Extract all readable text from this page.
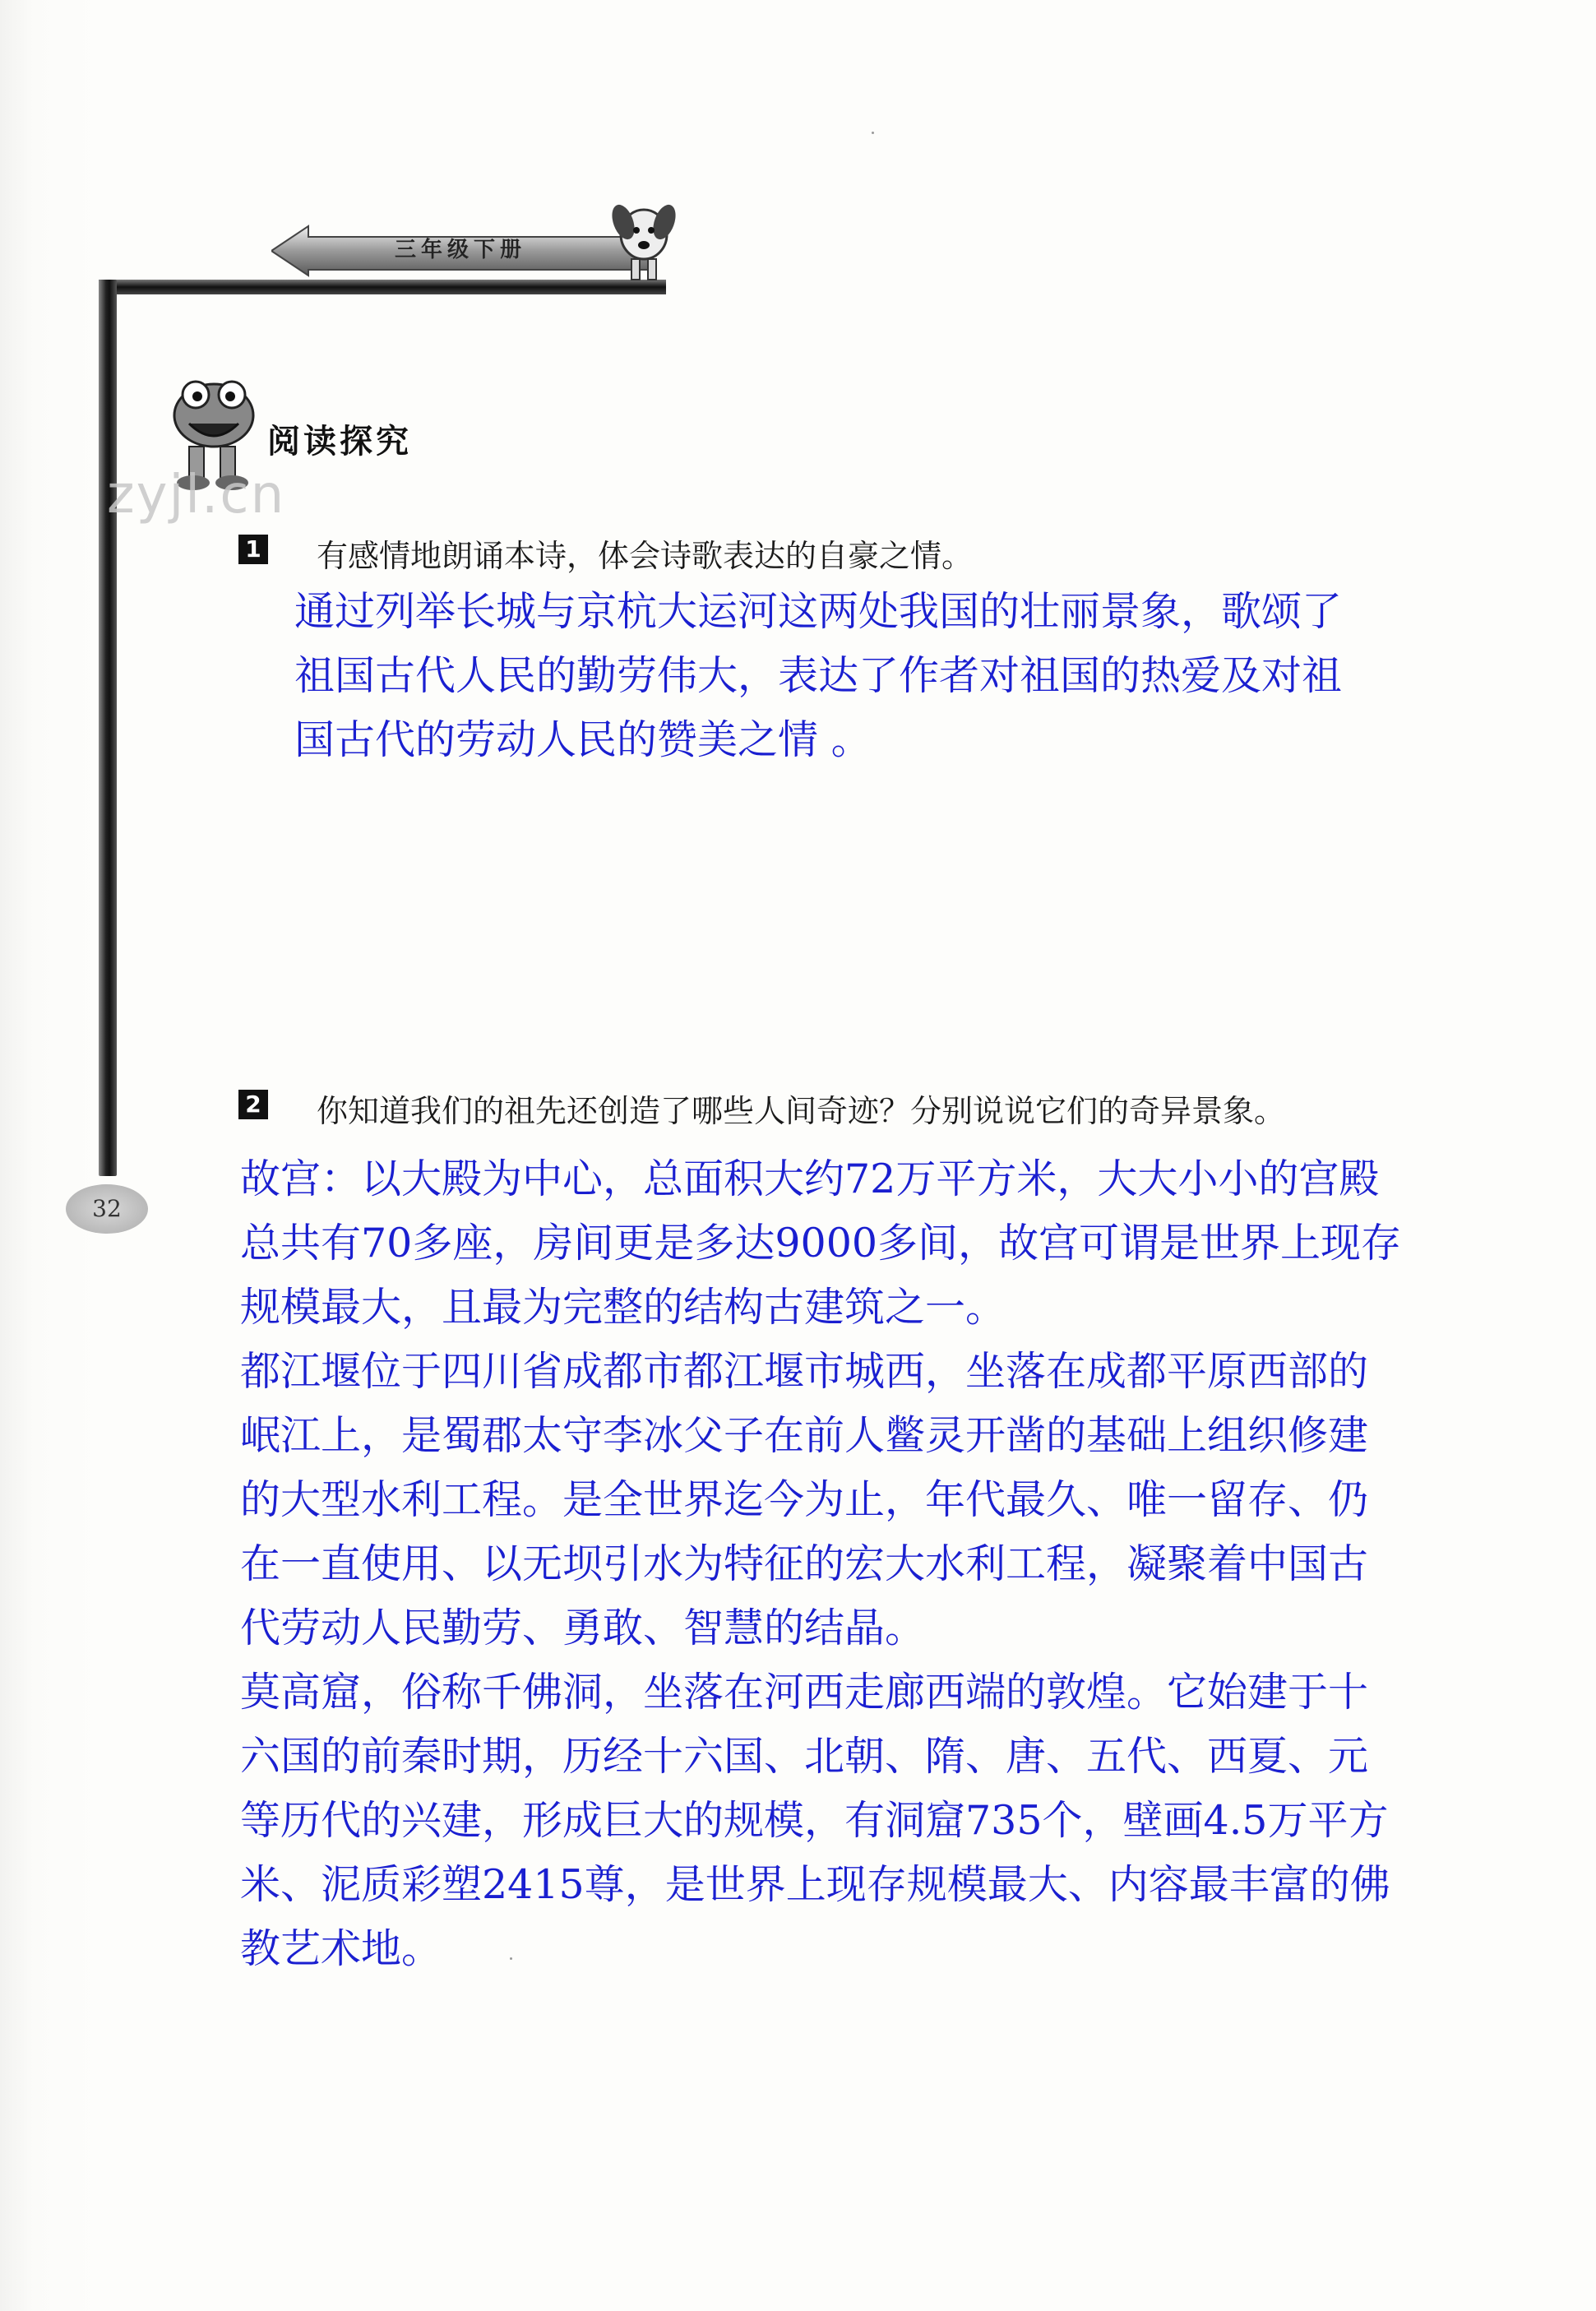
三年级下册
阅读探究
zyjl.cn
1 有感情地朗诵本诗，体会诗歌表达的自豪之情。

通过列举长城与京杭大运河这两处我国的壮丽景象，歌颂了

祖国古代人民的勤劳伟大，表达了作者对祖国的热爱及对祖

国古代的劳动人民的赞美之情 。

2 你知道我们的祖先还创造了哪些人间奇迹？分别说说它们的奇异景象。

故宫：以大殿为中心，总面积大约72万平方米，大大小小的宫殿

总共有70多座，房间更是多达9000多间，故宫可谓是世界上现存

规模最大，且最为完整的结构古建筑之一。

都江堰位于四川省成都市都江堰市城西，坐落在成都平原西部的

岷江上，是蜀郡太守李冰父子在前人鳖灵开凿的基础上组织修建

的大型水利工程。是全世界迄今为止，年代最久、唯一留存、仍

在一直使用、以无坝引水为特征的宏大水利工程，凝聚着中国古

代劳动人民勤劳、勇敢、智慧的结晶。

莫高窟，俗称千佛洞，坐落在河西走廊西端的敦煌。它始建于十

六国的前秦时期，历经十六国、北朝、隋、唐、五代、西夏、元

等历代的兴建，形成巨大的规模，有洞窟735个，壁画4.5万平方

米、泥质彩塑2415尊，是世界上现存规模最大、内容最丰富的佛

教艺术地。

32
